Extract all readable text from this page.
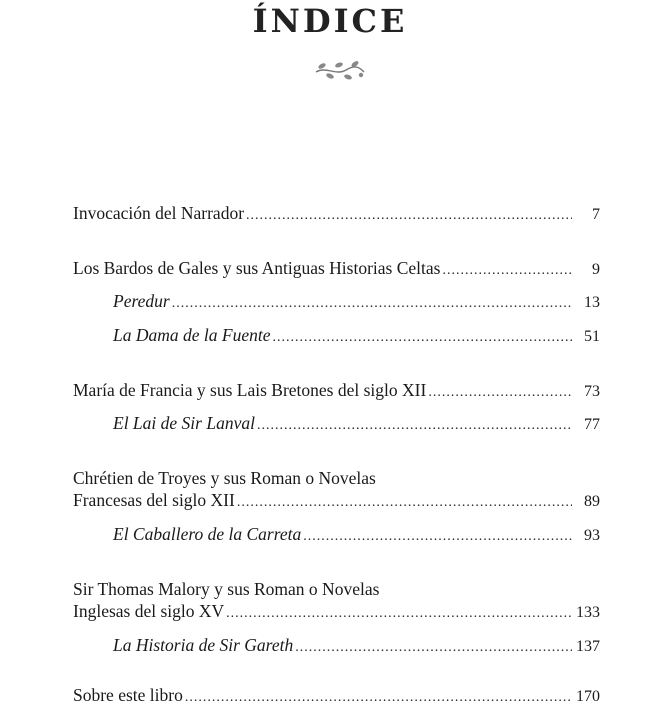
ÍNDICE
Invocación del Narrador .....	7
Los Bardos de Gales y sus Antiguas Historias Celtas .....	9
Peredur .....	13
La Dama de la Fuente .....	51
María de Francia y sus Lais Bretones del siglo XII .....	73
El Lai de Sir Lanval .....	77
Chrétien de Troyes y sus Roman o Novelas
Francesas del siglo XII .....	89
El Caballero de la Carreta .....	93
Sir Thomas Malory y sus Roman o Novelas
Inglesas del siglo XV .....	133
La Historia de Sir Gareth .....	137
Sobre este libro .....	170
